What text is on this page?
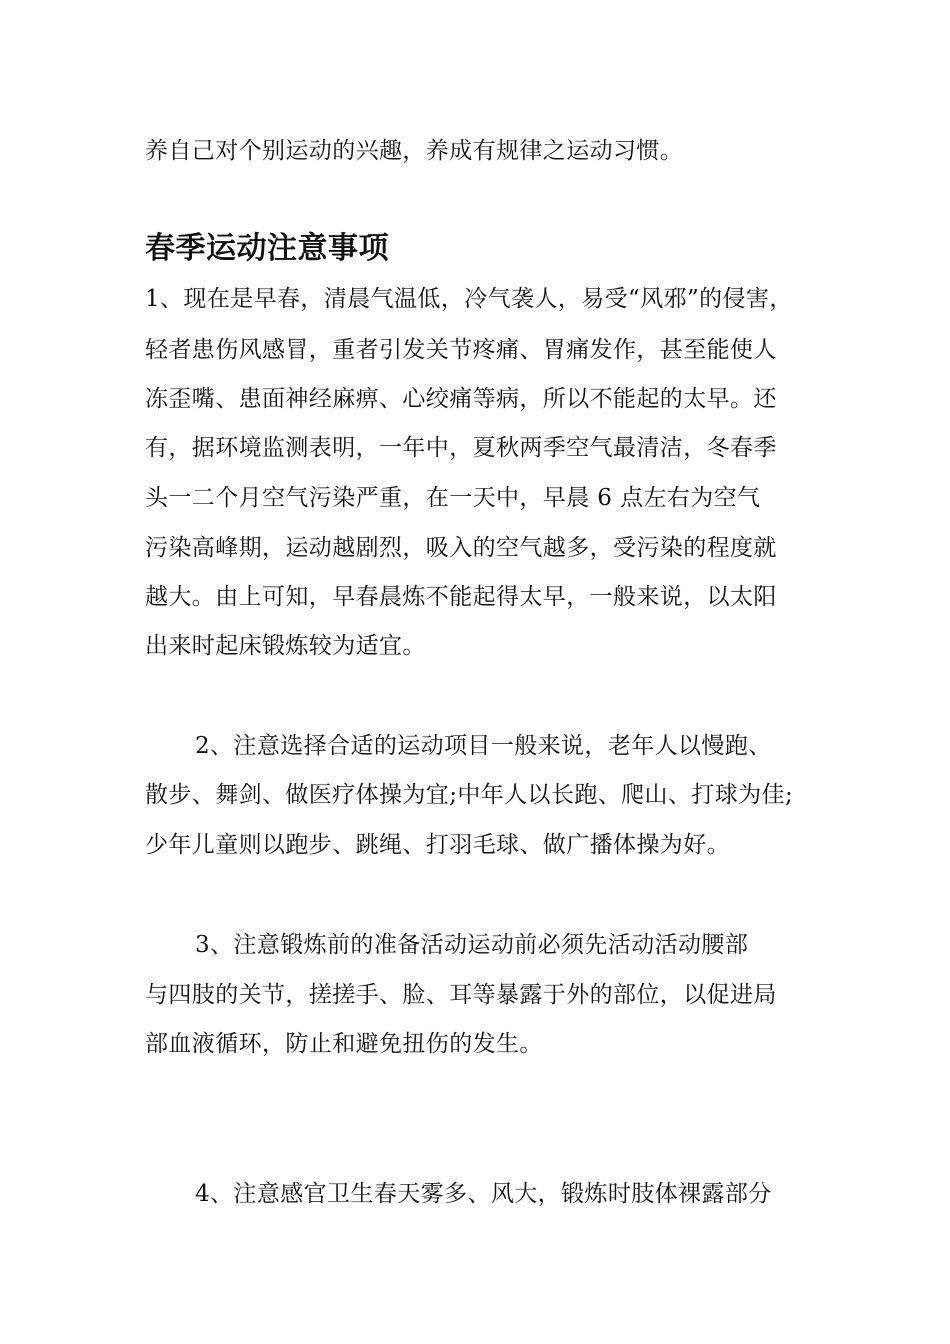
养自己对个别运动的兴趣，养成有规律之运动习惯。
春季运动注意事项
1、现在是早春，清晨气温低，冷气袭人，易受“风邪”的侵害，
轻者患伤风感冒，重者引发关节疼痛、胃痛发作，甚至能使人
冻歪嘴、患面神经麻痹、心绞痛等病，所以不能起的太早。还
有，据环境监测表明，一年中，夏秋两季空气最清洁，冬春季
头一二个月空气污染严重，在一天中，早晨 6 点左右为空气
污染高峰期，运动越剧烈，吸入的空气越多，受污染的程度就
越大。由上可知，早春晨炼不能起得太早，一般来说，以太阳
出来时起床锻炼较为适宜。
2、注意选择合适的运动项目一般来说，老年人以慢跑、
散步、舞剑、做医疗体操为宜;中年人以长跑、爬山、打球为佳;
少年儿童则以跑步、跳绳、打羽毛球、做广播体操为好。
3、注意锻炼前的准备活动运动前必须先活动活动腰部
与四肢的关节，搓搓手、脸、耳等暴露于外的部位，以促进局
部血液循环，防止和避免扭伤的发生。
4、注意感官卫生春天雾多、风大，锻炼时肢体裸露部分
